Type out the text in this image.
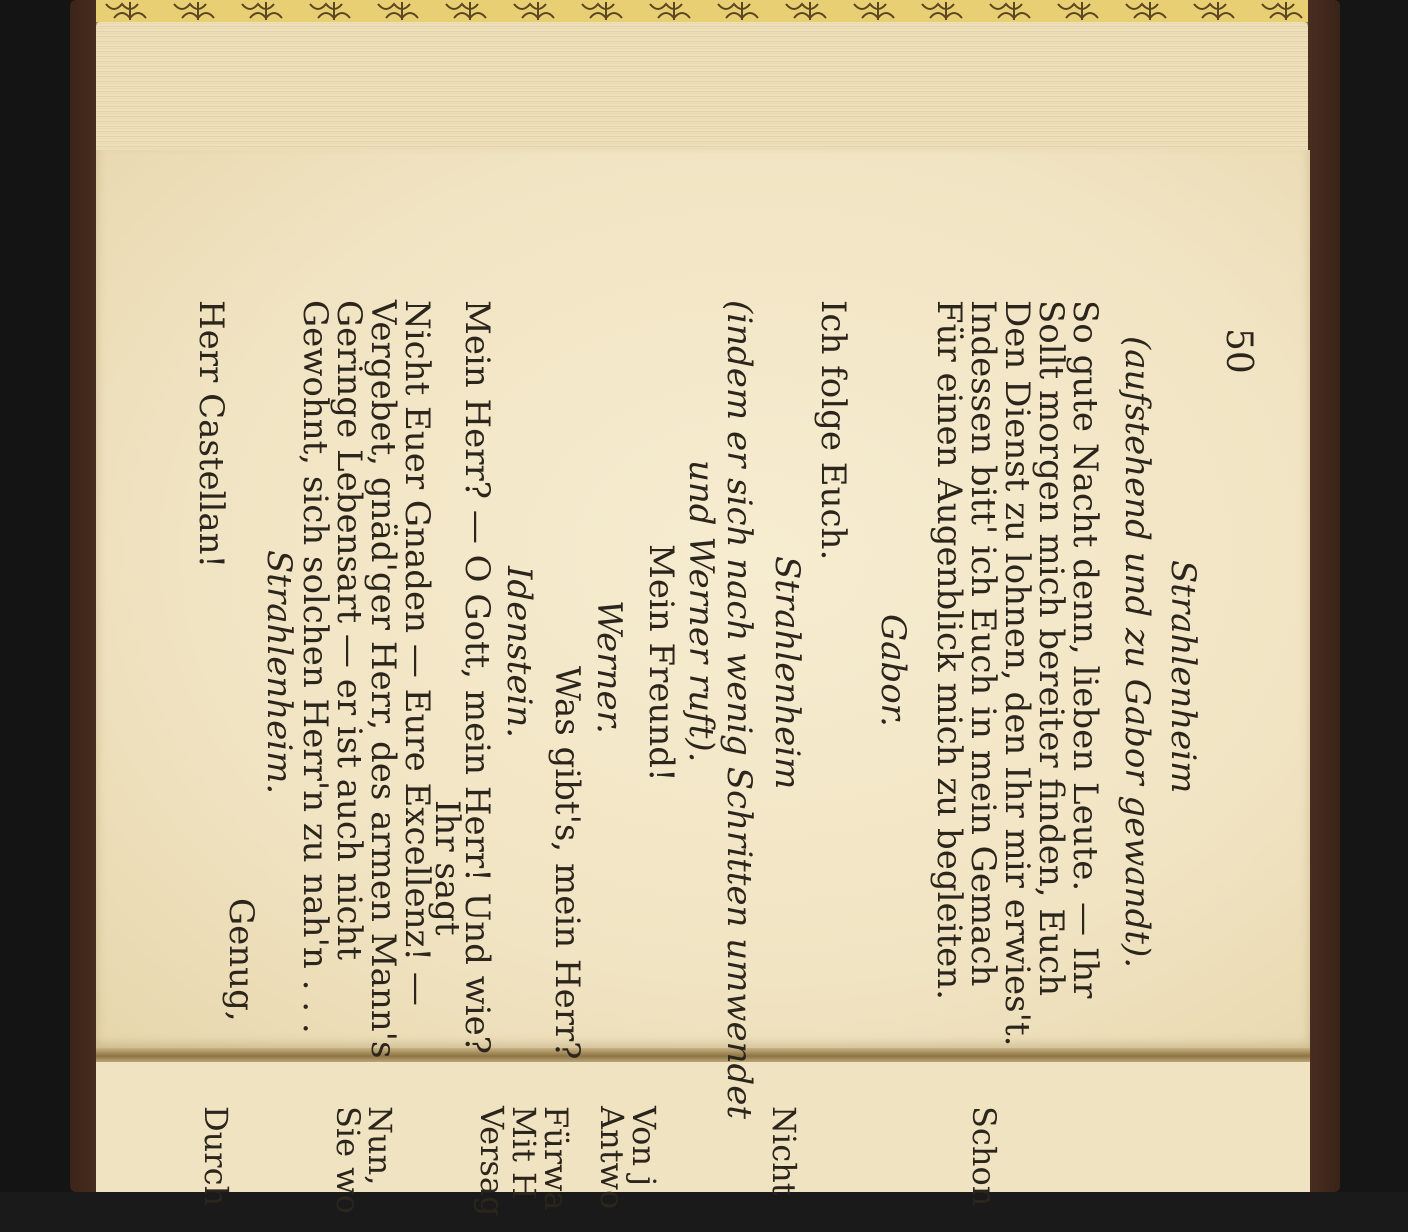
50
Strahlenheim
(aufstehend und zu Gabor gewandt).
So gute Nacht denn, lieben Leute. — Ihr
Sollt morgen mich bereiter finden, Euch
Den Dienst zu lohnen, den Ihr mir erwies't.
Indessen bitt' ich Euch in mein Gemach
Für einen Augenblick mich zu begleiten.
Gabor.
Ich folge Euch.
Strahlenheim
(indem er sich nach wenig Schritten umwendet
und Werner ruft).
Mein Freund!
Werner.
Was gibt's, mein Herr?
Idenstein.
Mein Herr? — O Gott, mein Herr! Und wie?
Ihr sagt
Nicht Euer Gnaden — Eure Excellenz! —
Vergebet, gnäd'ger Herr, des armen Mann's
Geringe Lebensart — er ist auch nicht
Gewohnt, sich solchen Herr'n zu nah'n . . .
Strahlenheim.
Genug,
Herr Castellan!
Schon
Nicht
Von j
Antwo
Fürwa
Mit H
Versag
Nun,
Sie wo
Durch
